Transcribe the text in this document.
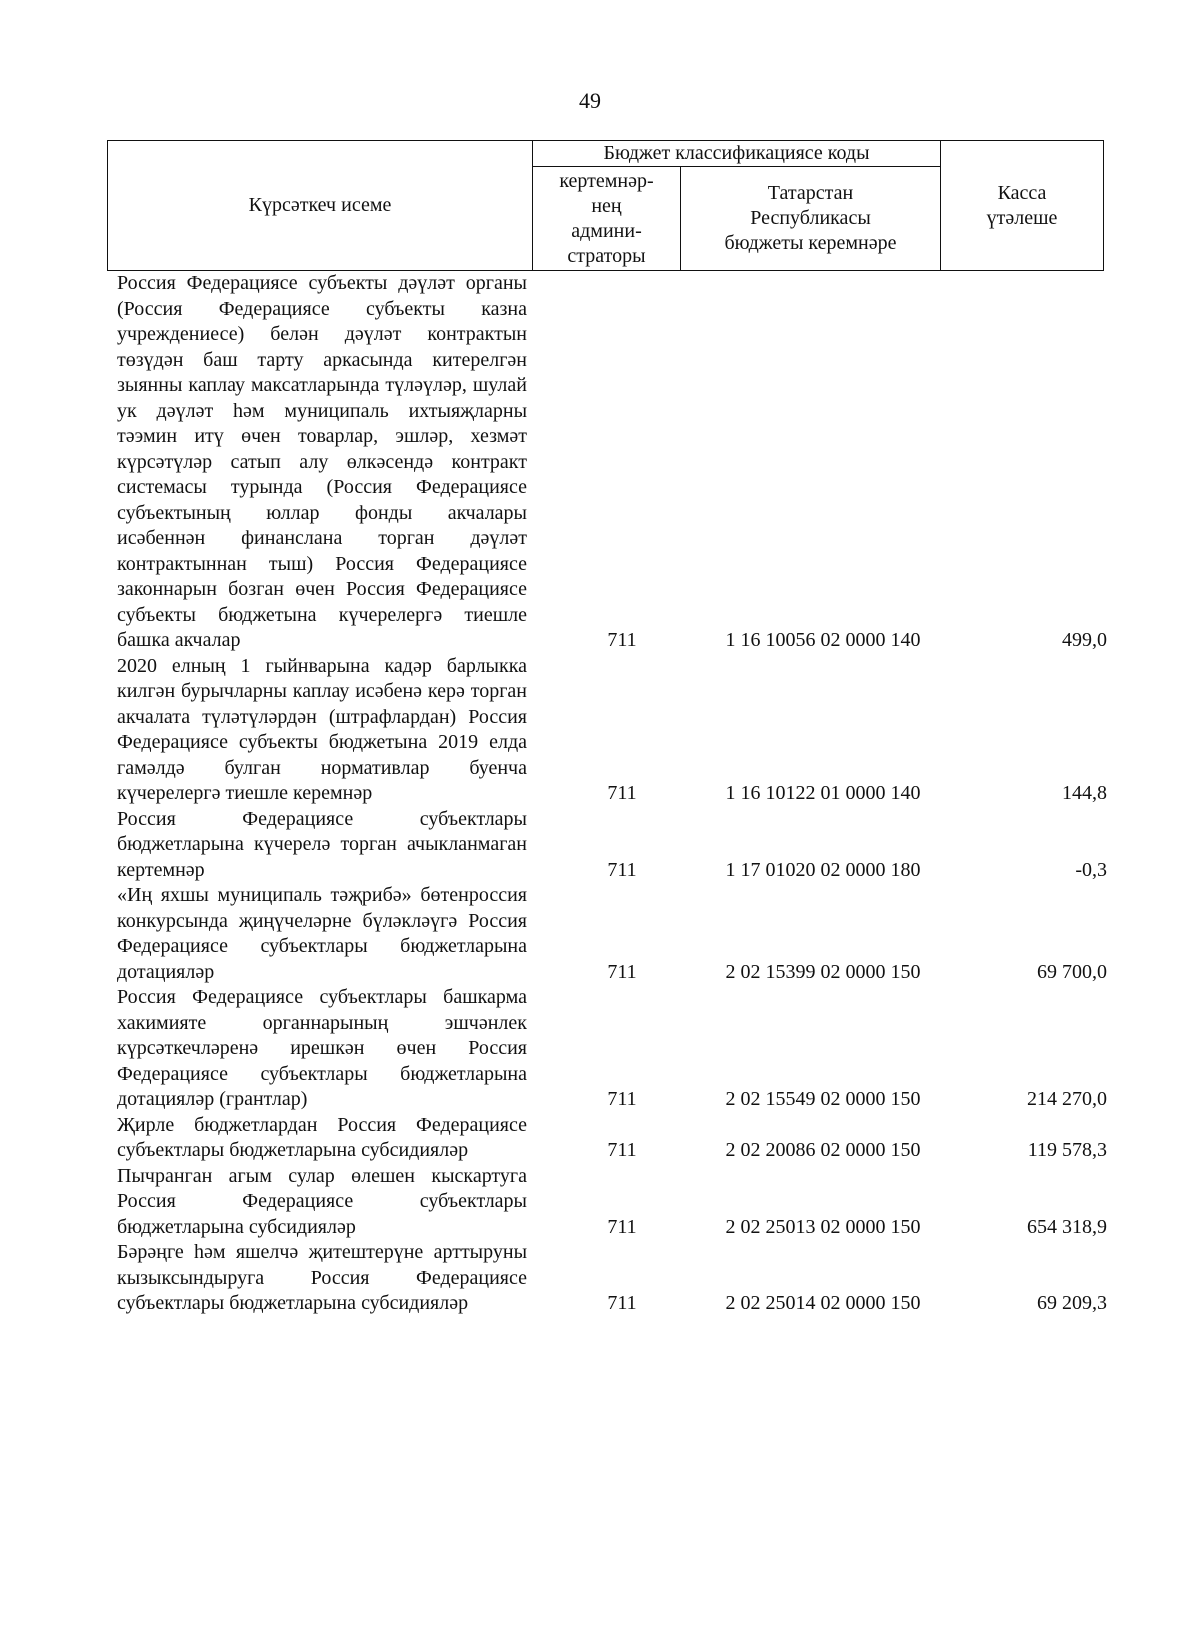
49
Күрсәткеч исеме	Бюджет классификациясе коды		Касса
үтәлеше
	кертемнәр-
нең
админи-
страторы	Татарстан
Республикасы
бюджеты керемнәре	
Россия Федерациясе субъекты дәүләт органы (Россия Федерациясе субъекты казна учреждениесе) белән дәүләт контрактын төзүдән баш тарту аркасында китерелгән зыянны каплау максатларында түләүләр, шулай ук дәүләт һәм муниципаль ихтыяҗларны тәэмин итү өчен товарлар, эшләр, хезмәт күрсәтүләр сатып алу өлкәсендә контракт системасы турында (Россия Федерациясе субъектының юллар фонды акчалары исәбеннән финанслана торган дәүләт контрактыннан тыш) Россия Федерациясе законнарын бозган өчен Россия Федерациясе субъекты бюджетына күчерелергә тиешле башка акчалар	711	1 16 10056 02 0000 140	499,0
2020 елның 1 гыйнварына кадәр барлыкка килгән бурычларны каплау исәбенә керә торган акчалата түләтүләрдән (штрафлардан) Россия Федерациясе субъекты бюджетына 2019 елда гамәлдә булган нормативлар буенча күчерелергә тиешле керемнәр	711	1 16 10122 01 0000 140	144,8
Россия Федерациясе субъектлары бюджетларына күчерелә торган ачыкланмаган кертемнәр	711	1 17 01020 02 0000 180	-0,3
«Иң яхшы муниципаль тәҗрибә» бөтенроссия конкурсында җиңүчеләрне бүләкләүгә Россия Федерациясе субъектлары бюджетларына дотацияләр	711	2 02 15399 02 0000 150	69 700,0
Россия Федерациясе субъектлары башкарма хакимияте органнарының эшчәнлек күрсәткечләренә ирешкән өчен Россия Федерациясе субъектлары бюджетларына дотацияләр (грантлар)	711	2 02 15549 02 0000 150	214 270,0
Җирле бюджетлардан Россия Федерациясе субъектлары бюджетларына субсидияләр	711	2 02 20086 02 0000 150	119 578,3
Пычранган агым сулар өлешен кыскартуга Россия Федерациясе субъектлары бюджетларына субсидияләр	711	2 02 25013 02 0000 150	654 318,9
Бәрәңге һәм яшелчә җитештерүне арттыруны кызыксындыруга Россия Федерациясе субъектлары бюджетларына субсидияләр	711	2 02 25014 02 0000 150	69 209,3
